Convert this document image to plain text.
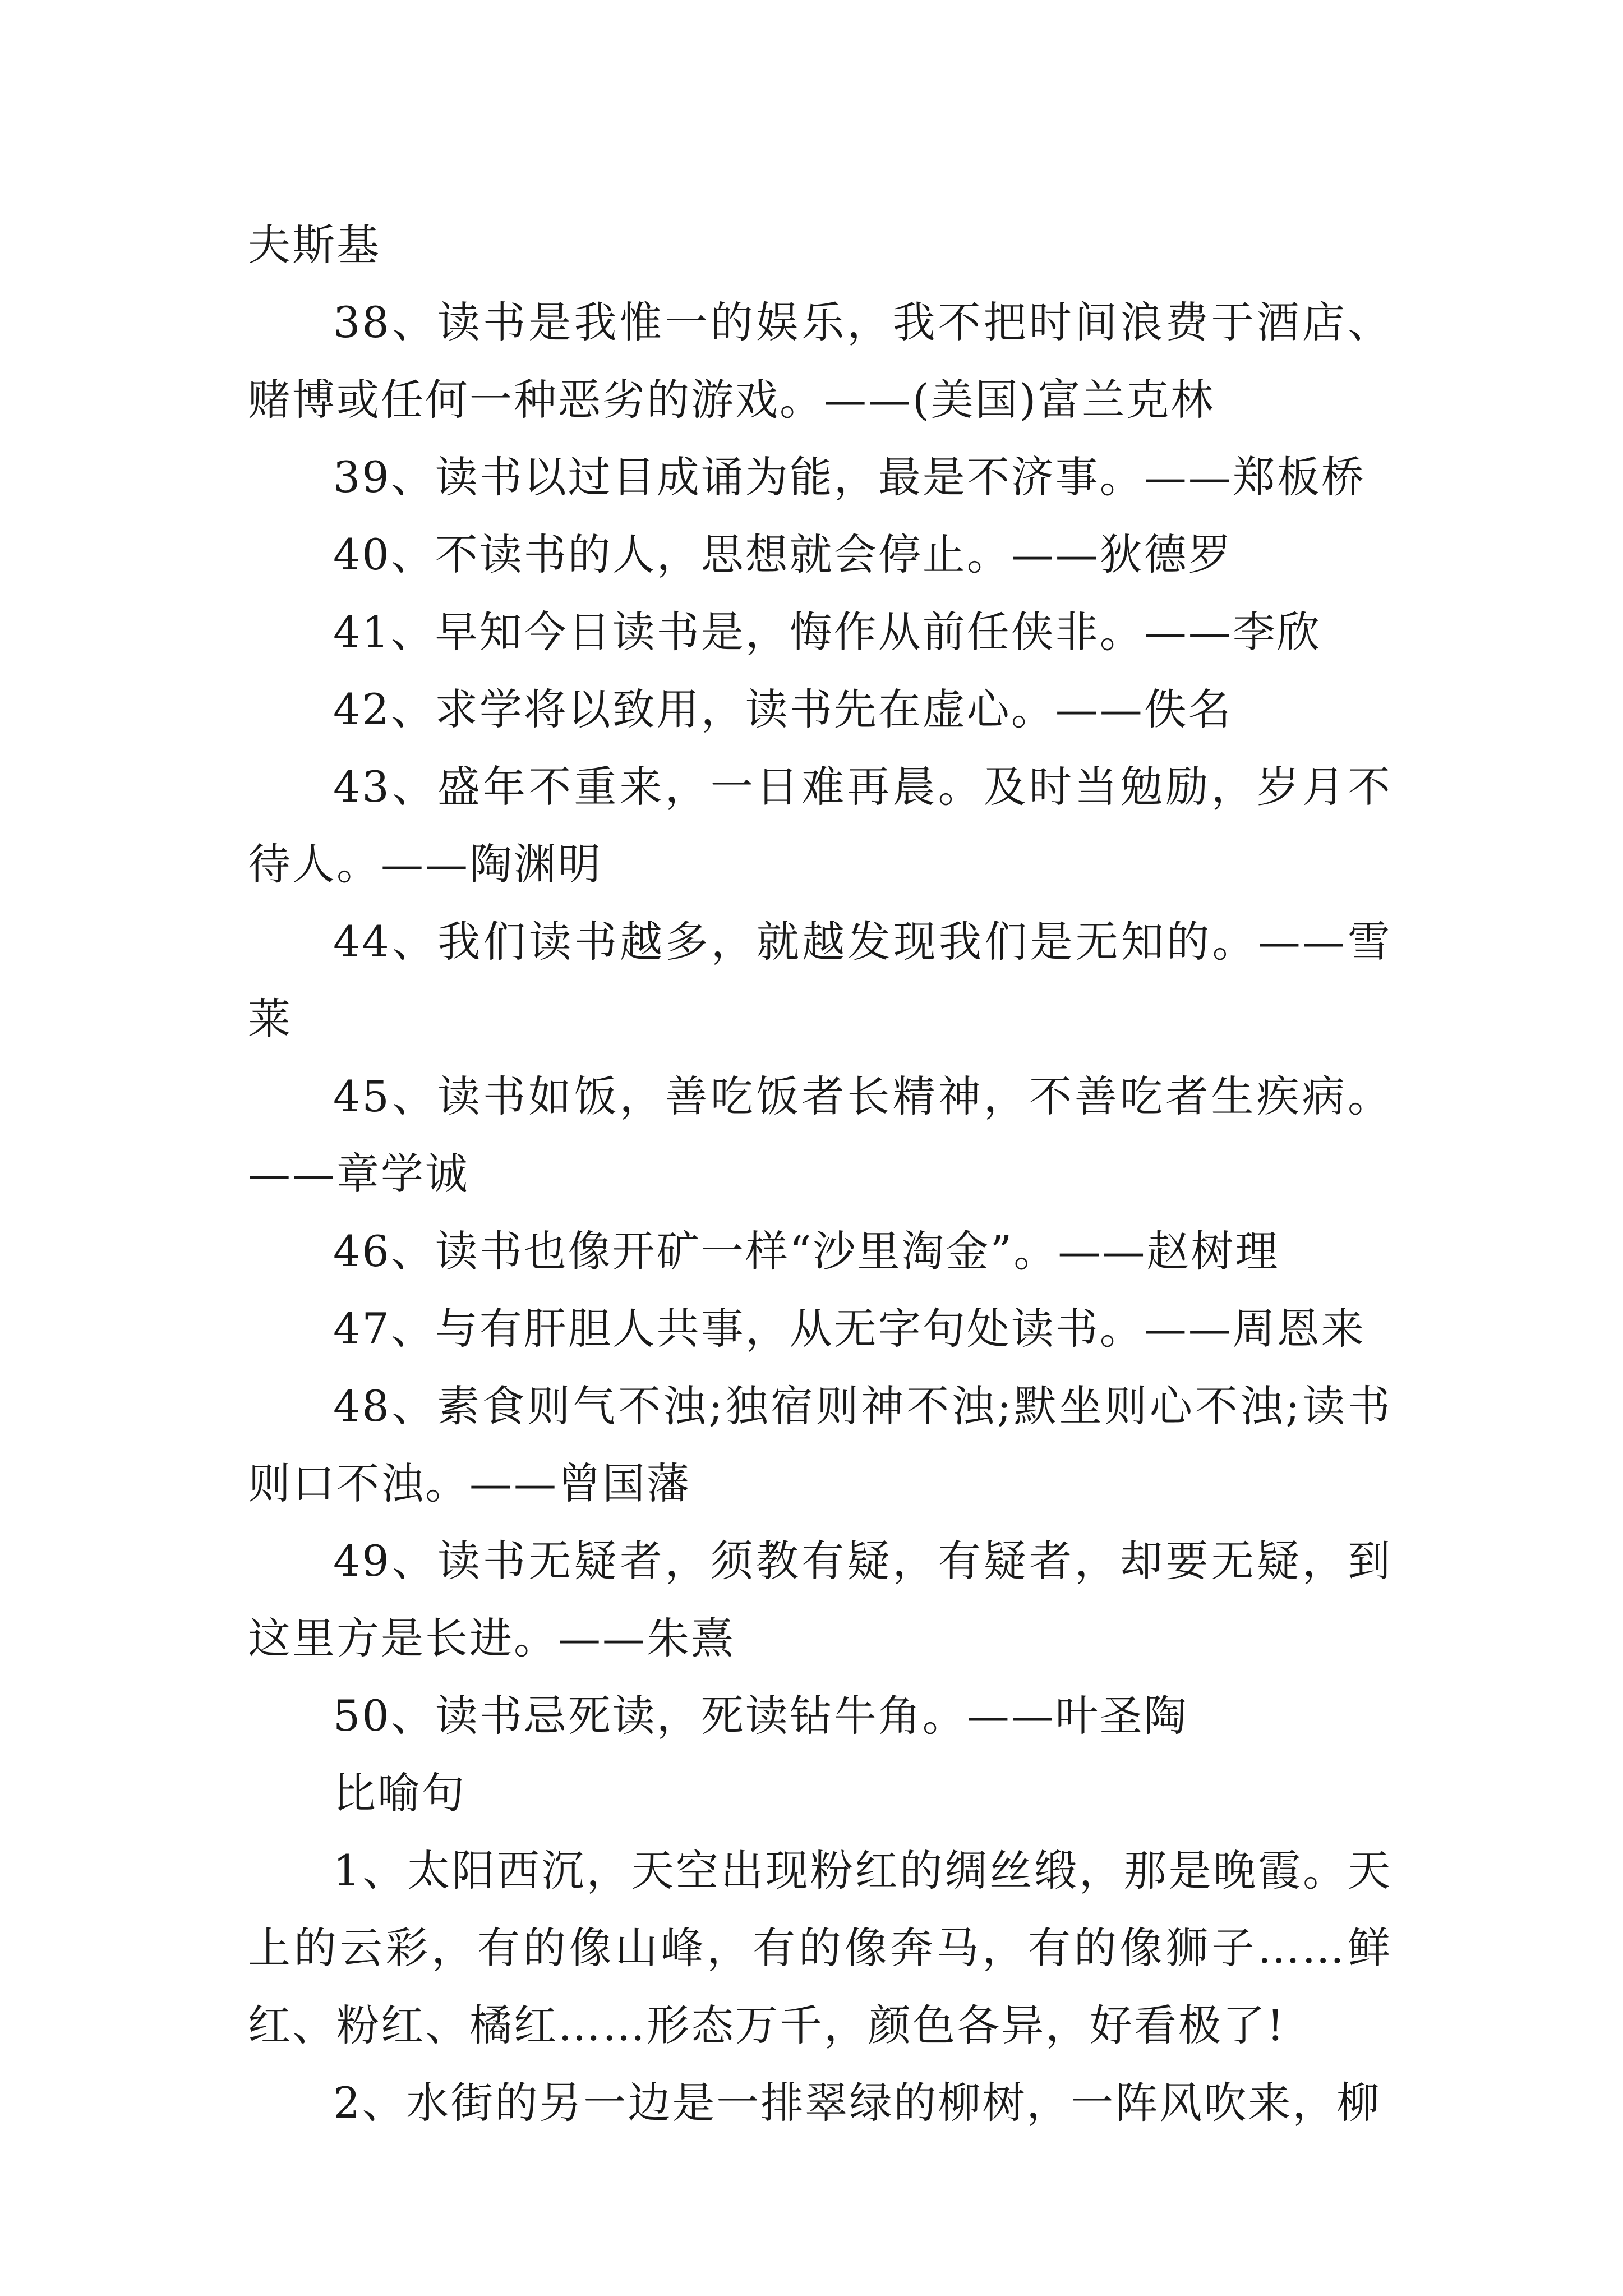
夫斯基

38、读书是我惟一的娱乐，我不把时间浪费于酒店、赌博或任何一种恶劣的游戏。——(美国)富兰克林

39、读书以过目成诵为能，最是不济事。——郑板桥

40、不读书的人，思想就会停止。——狄德罗

41、早知今日读书是，悔作从前任侠非。——李欣

42、求学将以致用，读书先在虚心。——佚名

43、盛年不重来，一日难再晨。及时当勉励，岁月不待人。——陶渊明

44、我们读书越多，就越发现我们是无知的。——雪莱

45、读书如饭，善吃饭者长精神，不善吃者生疾病。——章学诚

46、读书也像开矿一样“沙里淘金”。——赵树理

47、与有肝胆人共事，从无字句处读书。——周恩来

48、素食则气不浊;独宿则神不浊;默坐则心不浊;读书则口不浊。——曾国藩

49、读书无疑者，须教有疑，有疑者，却要无疑，到这里方是长进。——朱熹

50、读书忌死读，死读钻牛角。——叶圣陶

比喻句

1、太阳西沉，天空出现粉红的绸丝缎，那是晚霞。天上的云彩，有的像山峰，有的像奔马，有的像狮子……鲜红、粉红、橘红……形态万千，颜色各异，好看极了!

2、水街的另一边是一排翠绿的柳树，一阵风吹来，柳
